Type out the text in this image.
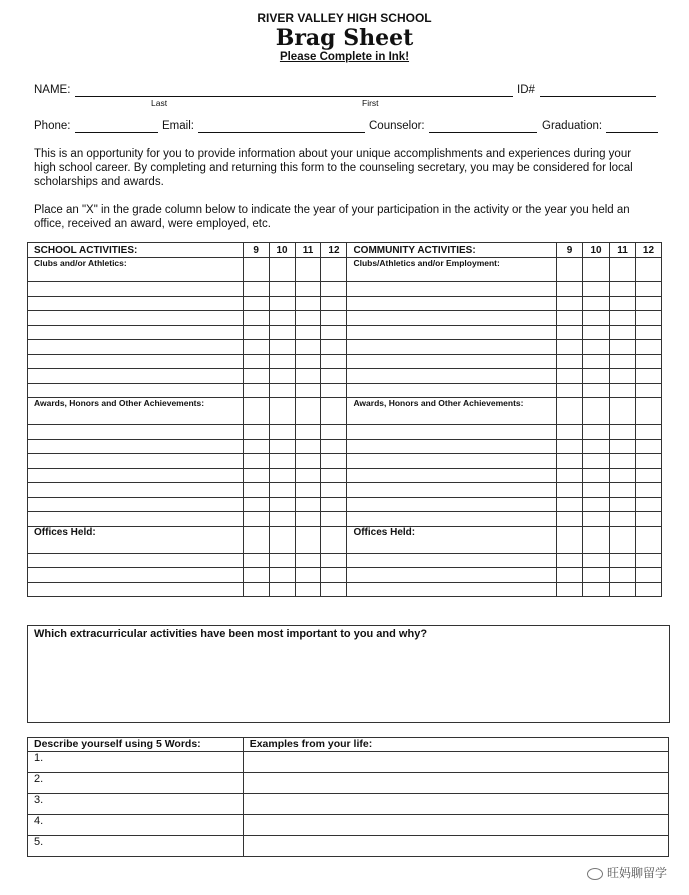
RIVER VALLEY HIGH SCHOOL
Brag Sheet
Please Complete in Ink!
NAME:
Last	First
ID#
Phone:	Email:	Counselor:	Graduation:
This is an opportunity for you to provide information about your unique accomplishments and experiences during your high school career. By completing and returning this form to the counseling secretary, you may be considered for local scholarships and awards.
Place an "X" in the grade column below to indicate the year of your participation in the activity or the year you held an office, received an award, were employed, etc.
SCHOOL ACTIVITIES:	9	10	11	12	COMMUNITY ACTIVITIES:	9	10	11	12
Clubs and/or Athletics:					Clubs/Athletics and/or Employment:				

Awards, Honors and Other Achievements:					Awards, Honors and Other Achievements:				

Offices Held:					Offices Held:				

Which extracurricular activities have been most important to you and why?
Describe yourself using 5 Words:	Examples from your life:
1.	
2.	
3.	
4.	
5.	
旺妈聊留学
